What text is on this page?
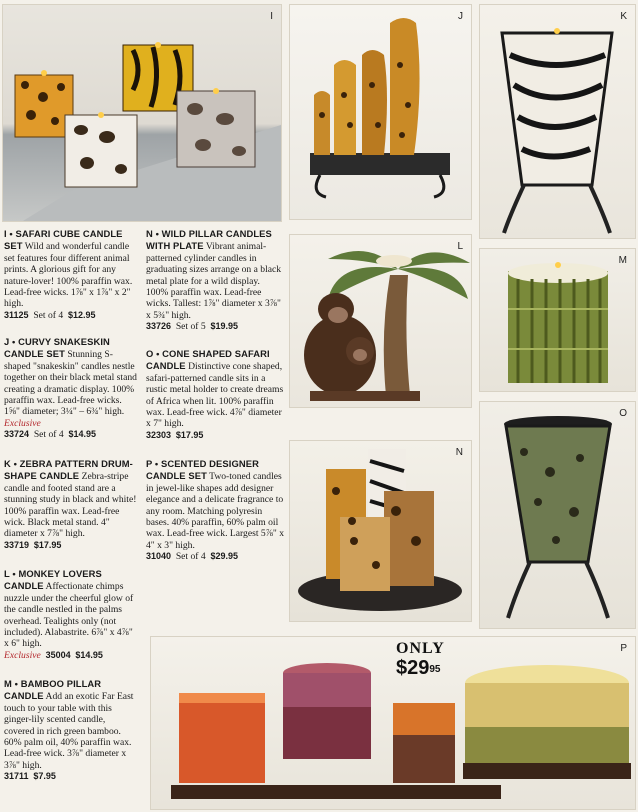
I	J	K
L
M
N
O
P
ONLY
$\$29^{95}$
I • SAFARI CUBE CANDLE SET Wild and wonderful candle set features four different animal prints. A glorious gift for any nature-lover! 100% paraffin wax. Lead-free wicks. 1⅞" x 1⅞" x 2" high.
31125 Set of 4 $12.95
J • CURVY SNAKESKIN CANDLE SET Stunning S-shaped "snakeskin" candles nestle together on their black metal stand creating a dramatic display. 100% paraffin wax. Lead-free wicks. 1⅝" diameter; 3¼" – 6¾" high. Exclusive
33724 Set of 4 $14.95
K • ZEBRA PATTERN DRUM-SHAPE CANDLE Zebra-stripe candle and footed stand are a stunning study in black and white! 100% paraffin wax. Lead-free wick. Black metal stand. 4" diameter x 7⅞" high.
33719 $17.95
L • MONKEY LOVERS CANDLE Affectionate chimps nuzzle under the cheerful glow of the candle nestled in the palms overhead. Tealights only (not included). Alabastrite. 6⅞" x 4⅞" x 6" high.
Exclusive 35004 $14.95
M • BAMBOO PILLAR CANDLE Add an exotic Far East touch to your table with this ginger-lily scented candle, covered in rich green bamboo. 60% palm oil, 40% paraffin wax. Lead-free wick. 3⅞" diameter x 3⅞" high.
31711 $7.95
N • WILD PILLAR CANDLES WITH PLATE Vibrant animal-patterned cylinder candles in graduating sizes arrange on a black metal plate for a wild display. 100% paraffin wax. Lead-free wicks. Tallest: 1⅞" diameter x 3⅞" x 5¾" high.
33726 Set of 5 $19.95
O • CONE SHAPED SAFARI CANDLE Distinctive cone shaped, safari-patterned candle sits in a rustic metal holder to create dreams of Africa when lit. 100% paraffin wax. Lead-free wick. 4⅞" diameter x 7" high.
32303 $17.95
P • SCENTED DESIGNER CANDLE SET Two-toned candles in jewel-like shapes add designer elegance and a delicate fragrance to any room. Matching polyresin bases. 40% paraffin, 60% palm oil wax. Lead-free wick. Largest 5⅞" x 4" x 3" high.
31040 Set of 4 $29.95
